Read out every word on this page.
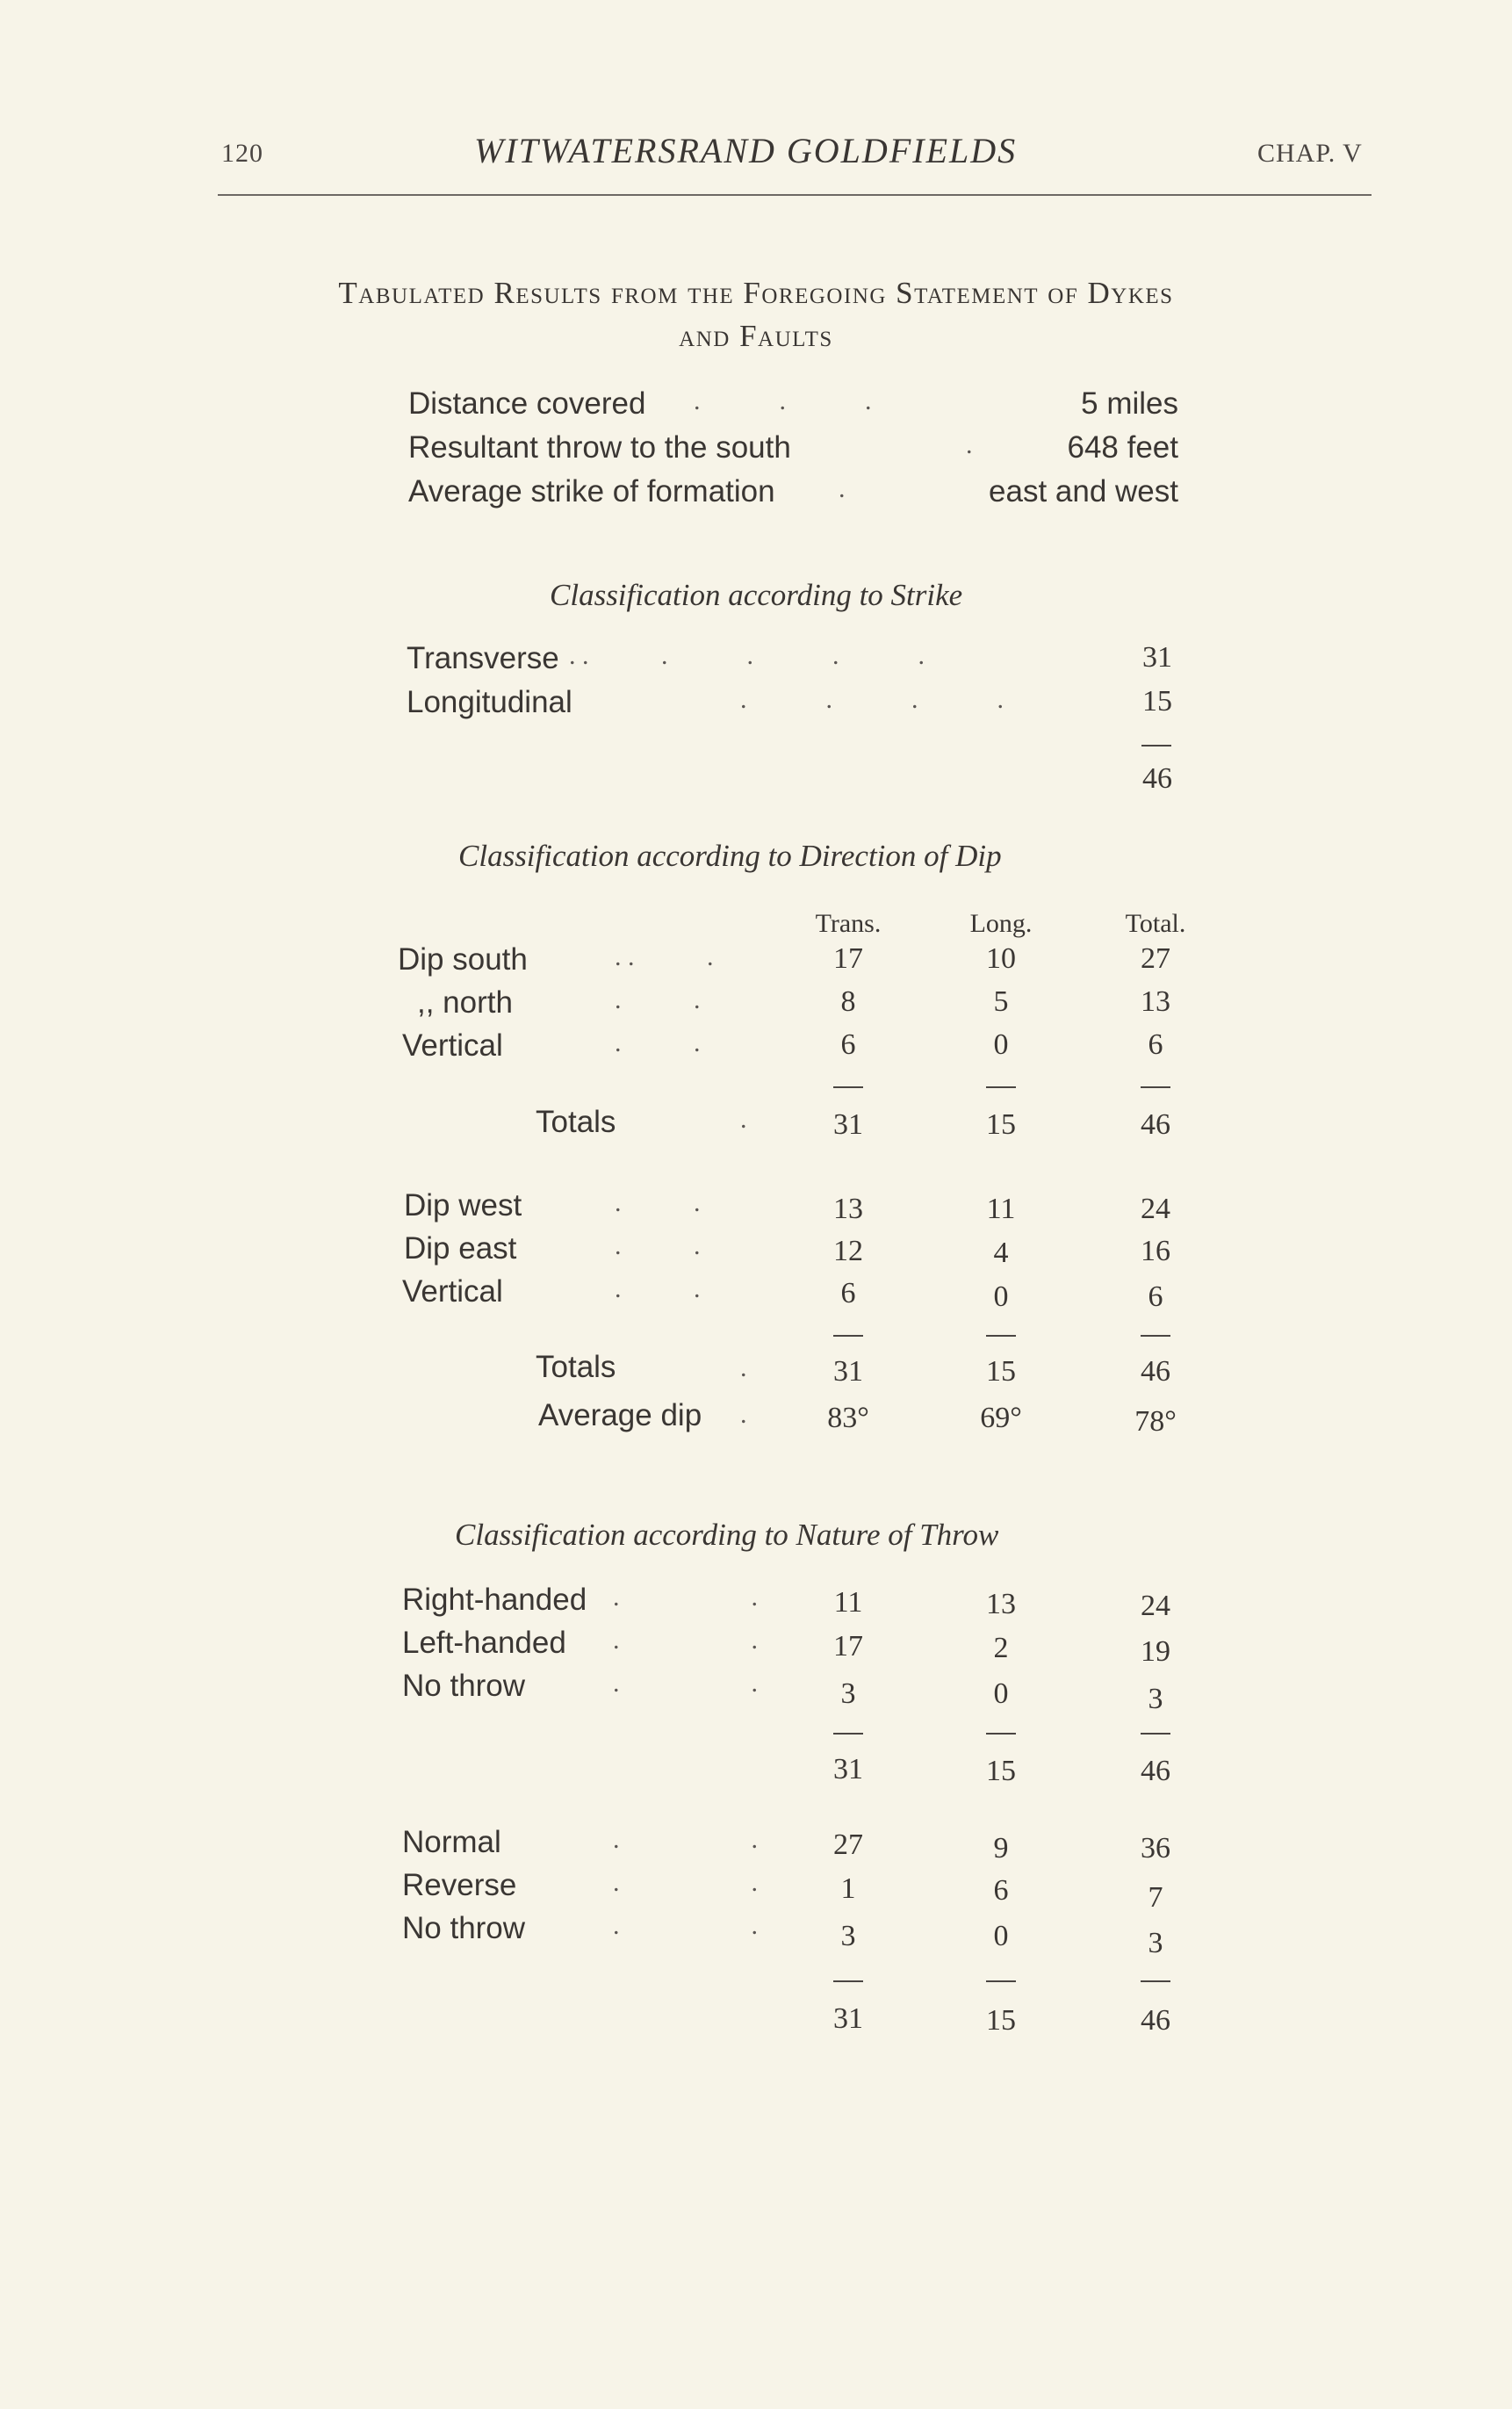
120	WITWATERSRAND GOLDFIELDS	CHAP. V
Tabulated Results from the Foregoing Statement of Dykes
and Faults
Distance covered .            .            .	5 miles
Resultant throw to the south	.	648 feet
Average strike of formation .	east and west
Classification according to Strike
Transverse . .           .            .            .            .	31
Longitudinal	.            .            .            .	15
46
Classification according to Direction of Dip
Trans.	Long.	Total.
Dip south	. .           .	17	10	27
,, north	.           .	8	5	13
Vertical	.           .	6	0	6
Totals	.	31	15	46
Dip west	.           .	13	11	24
Dip east	.           .	12	4	16
Vertical	.           .	6	0	6
Totals	.	31	15	46
Average dip .	83°	69°	78°
Classification according to Nature of Throw
Right-handed .                    .	11	13	24
Left-handed .                    .	17	2	19
No throw	.                    .	3	0	3
31	15	46
Normal	.                    .	27	9	36
Reverse	.                    .	1	6	7
No throw	.                    .	3	0	3
31	15	46
